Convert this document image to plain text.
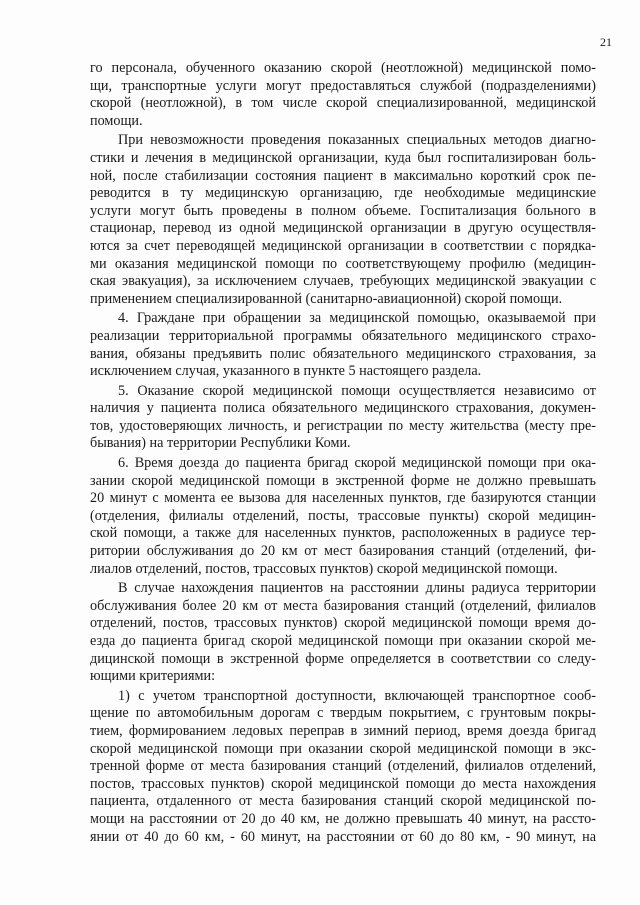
21
го персонала, обученного оказанию скорой (неотложной) медицинской помо-
щи, транспортные услуги могут предоставляться службой (подразделениями)
скорой (неотложной), в том числе скорой специализированной, медицинской
помощи.
При невозможности проведения показанных специальных методов диагно-
стики и лечения в медицинской организации, куда был госпитализирован боль-
ной, после стабилизации состояния пациент в максимально короткий срок пе-
реводится в ту медицинскую организацию, где необходимые медицинские
услуги могут быть проведены в полном объеме. Госпитализация больного в
стационар, перевод из одной медицинской организации в другую осуществля-
ются за счет переводящей медицинской организации в соответствии с порядка-
ми оказания медицинской помощи по соответствующему профилю (медицин-
ская эвакуация), за исключением случаев, требующих медицинской эвакуации с
применением специализированной (санитарно-авиационной) скорой помощи.
4. Граждане при обращении за медицинской помощью, оказываемой при
реализации территориальной программы обязательного медицинского страхо-
вания, обязаны предъявить полис обязательного медицинского страхования, за
исключением случая, указанного в пункте 5 настоящего раздела.
5. Оказание скорой медицинской помощи осуществляется независимо от
наличия у пациента полиса обязательного медицинского страхования, докумен-
тов, удостоверяющих личность, и регистрации по месту жительства (месту пре-
бывания) на территории Республики Коми.
6. Время доезда до пациента бригад скорой медицинской помощи при ока-
зании скорой медицинской помощи в экстренной форме не должно превышать
20 минут с момента ее вызова для населенных пунктов, где базируются станции
(отделения, филиалы отделений, посты, трассовые пункты) скорой медицин-
ской помощи, а также для населенных пунктов, расположенных в радиусе тер-
ритории обслуживания до 20 км от мест базирования станций (отделений, фи-
лиалов отделений, постов, трассовых пунктов) скорой медицинской помощи.
В случае нахождения пациентов на расстоянии длины радиуса территории
обслуживания более 20 км от места базирования станций (отделений, филиалов
отделений, постов, трассовых пунктов) скорой медицинской помощи время до-
езда до пациента бригад скорой медицинской помощи при оказании скорой ме-
дицинской помощи в экстренной форме определяется в соответствии со следу-
ющими критериями:
1) с учетом транспортной доступности, включающей транспортное сооб-
щение по автомобильным дорогам с твердым покрытием, с грунтовым покры-
тием, формированием ледовых переправ в зимний период, время доезда бригад
скорой медицинской помощи при оказании скорой медицинской помощи в экс-
тренной форме от места базирования станций (отделений, филиалов отделений,
постов, трассовых пунктов) скорой медицинской помощи до места нахождения
пациента, отдаленного от места базирования станций скорой медицинской по-
мощи на расстоянии от 20 до 40 км, не должно превышать 40 минут, на рассто-
янии от 40 до 60 км, - 60 минут, на расстоянии от 60 до 80 км, - 90 минут, на
